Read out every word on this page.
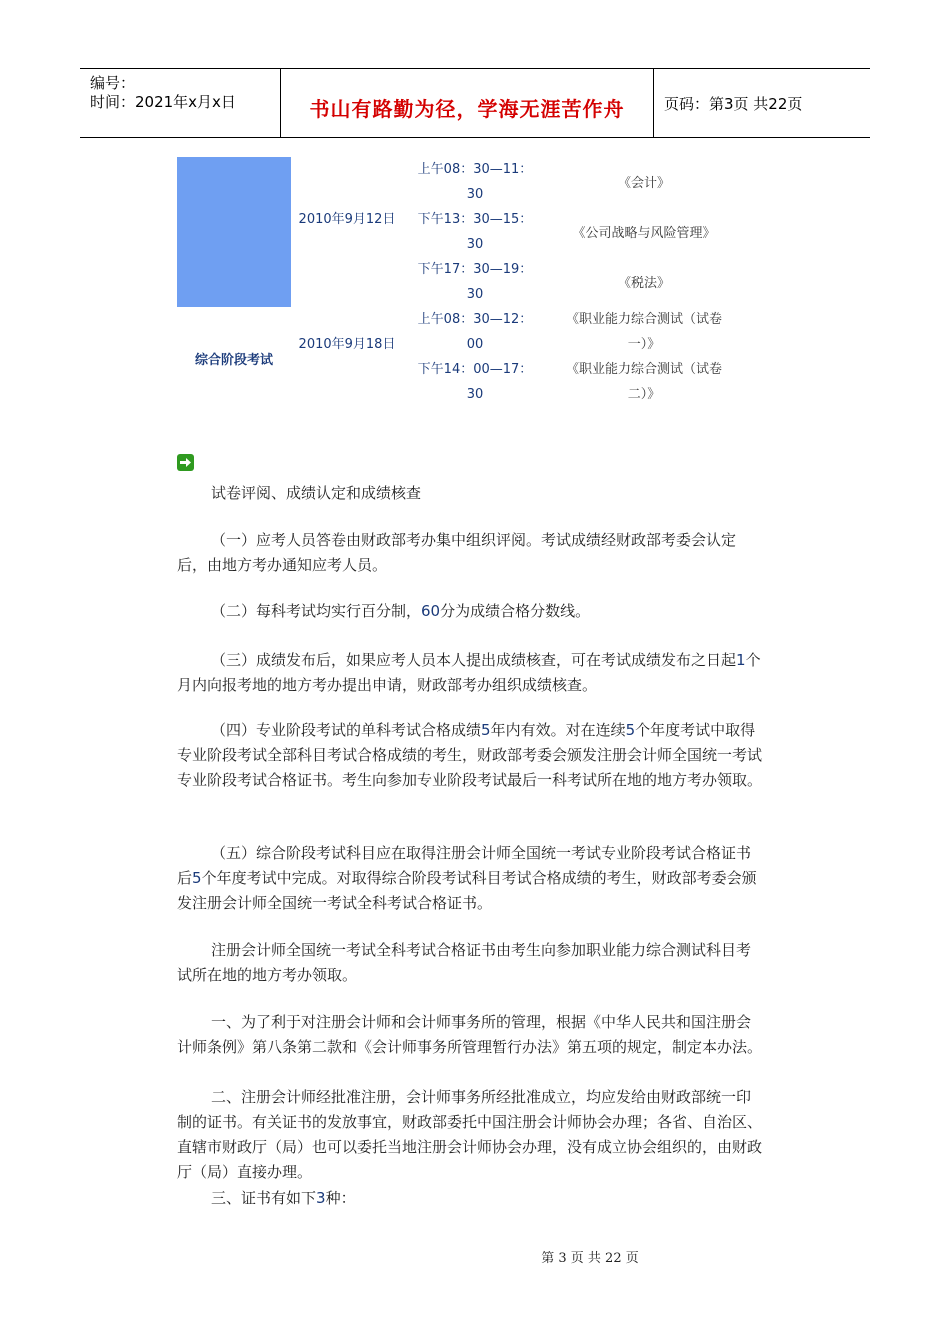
编号：
时间：2021年x月x日	书山有路勤为径，学海无涯苦作舟	页码：第3页 共22页
综合阶段考试
2010年9月12日
2010年9月18日
上午08：30—11：30
下午13：30—15：30
下午17：30—19：30
上午08：30—12：00
下午14：00—17：30
《会计》
《公司战略与风险管理》
《税法》
《职业能力综合测试（试卷一）》
《职业能力综合测试（试卷二）》

试卷评阅、成绩认定和成绩核查

（一）应考人员答卷由财政部考办集中组织评阅。考试成绩经财政部考委会认定后，由地方考办通知应考人员。

（二）每科考试均实行百分制，60分为成绩合格分数线。

（三）成绩发布后，如果应考人员本人提出成绩核查，可在考试成绩发布之日起1个月内向报考地的地方考办提出申请，财政部考办组织成绩核查。

（四）专业阶段考试的单科考试合格成绩5年内有效。对在连续5个年度考试中取得专业阶段考试全部科目考试合格成绩的考生，财政部考委会颁发注册会计师全国统一考试专业阶段考试合格证书。考生向参加专业阶段考试最后一科考试所在地的地方考办领取。

（五）综合阶段考试科目应在取得注册会计师全国统一考试专业阶段考试合格证书后5个年度考试中完成。对取得综合阶段考试科目考试合格成绩的考生，财政部考委会颁发注册会计师全国统一考试全科考试合格证书。

注册会计师全国统一考试全科考试合格证书由考生向参加职业能力综合测试科目考试所在地的地方考办领取。

一、为了利于对注册会计师和会计师事务所的管理，根据《中华人民共和国注册会计师条例》第八条第二款和《会计师事务所管理暂行办法》第五项的规定，制定本办法。

二、注册会计师经批准注册，会计师事务所经批准成立，均应发给由财政部统一印制的证书。有关证书的发放事宜，财政部委托中国注册会计师协会办理；各省、自治区、直辖市财政厅（局）也可以委托当地注册会计师协会办理，没有成立协会组织的，由财政厅（局）直接办理。

三、证书有如下3种：

第 3 页 共 22 页
